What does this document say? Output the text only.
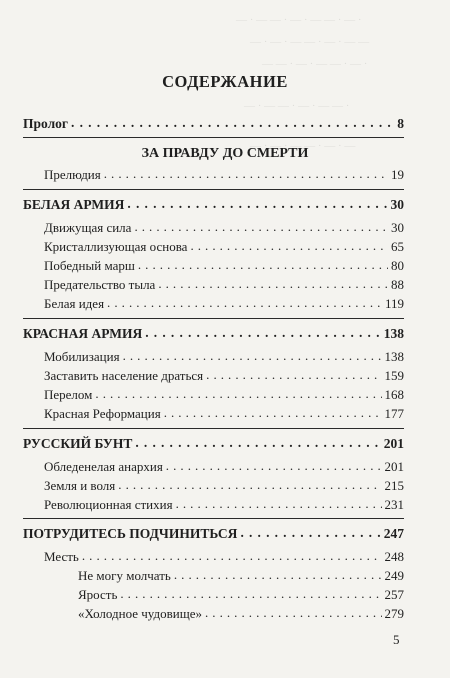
— · — — · — · — — · — ·
— · — · — — · — · — —
— — · — · — — · — ·
— · — — · — · — — ·
— · — · — — · — · —
СОДЕРЖАНИЕ
Пролог . . .	8
ЗА ПРАВДУ ДО СМЕРТИ
Прелюдия . . .	19
БЕЛАЯ АРМИЯ . . .	30
Движущая сила . . .	30
Кристаллизующая основа . . .	65
Победный марш . . .	80
Предательство тыла . . .	88
Белая идея . . .	119
КРАСНАЯ АРМИЯ . . .	138
Мобилизация . . .	138
Заставить население драться . . .	159
Перелом . . .	168
Красная Реформация . . .	177
РУССКИЙ БУНТ . . .	201
Обледенелая анархия . . .	201
Земля и воля . . .	215
Революционная стихия . . .	231
ПОТРУДИТЕСЬ ПОДЧИНИТЬСЯ . . .	247
Месть . . .	248
Не могу молчать . . .	249
Ярость . . .	257
«Холодное чудовище» . . .	279
5
